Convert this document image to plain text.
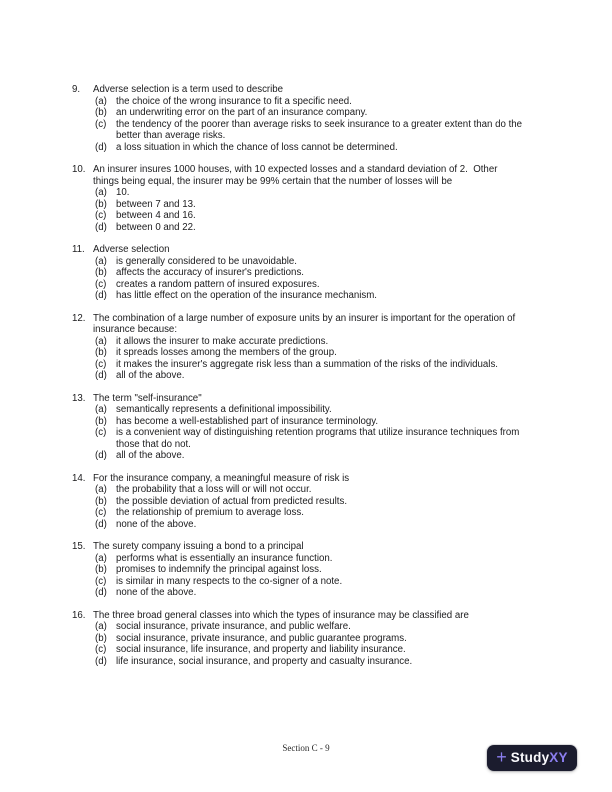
9.	Adverse selection is a term used to describe
(a) the choice of the wrong insurance to fit a specific need.
(b) an underwriting error on the part of an insurance company.
(c)	the tendency of the poorer than average risks to seek insurance to a greater extent than do the
better than average risks.
(d) a loss situation in which the chance of loss cannot be determined.
10. An insurer insures 1000 houses, with 10 expected losses and a standard deviation of 2.  Other
things being equal, the insurer may be 99% certain that the number of losses will be
(a) 10.
(b) between 7 and 13.
(c)	between 4 and 16.
(d) between 0 and 22.
11. Adverse selection
(a) is generally considered to be unavoidable.
(b) affects the accuracy of insurer's predictions.
(c)	creates a random pattern of insured exposures.
(d) has little effect on the operation of the insurance mechanism.
12. The combination of a large number of exposure units by an insurer is important for the operation of
insurance because:
(a) it allows the insurer to make accurate predictions.
(b) it spreads losses among the members of the group.
(c)	it makes the insurer's aggregate risk less than a summation of the risks of the individuals.
(d) all of the above.
13. The term "self-insurance"
(a) semantically represents a definitional impossibility.
(b) has become a well-established part of insurance terminology.
(c)	is a convenient way of distinguishing retention programs that utilize insurance techniques from
those that do not.
(d) all of the above.
14. For the insurance company, a meaningful measure of risk is
(a) the probability that a loss will or will not occur.
(b) the possible deviation of actual from predicted results.
(c)	the relationship of premium to average loss.
(d) none of the above.
15. The surety company issuing a bond to a principal
(a) performs what is essentially an insurance function.
(b) promises to indemnify the principal against loss.
(c)	is similar in many respects to the co-signer of a note.
(d) none of the above.
16. The three broad general classes into which the types of insurance may be classified are
(a) social insurance, private insurance, and public welfare.
(b) social insurance, private insurance, and public guarantee programs.
(c)	social insurance, life insurance, and property and liability insurance.
(d) life insurance, social insurance, and property and casualty insurance.
Section C - 9	+ StudyXY
